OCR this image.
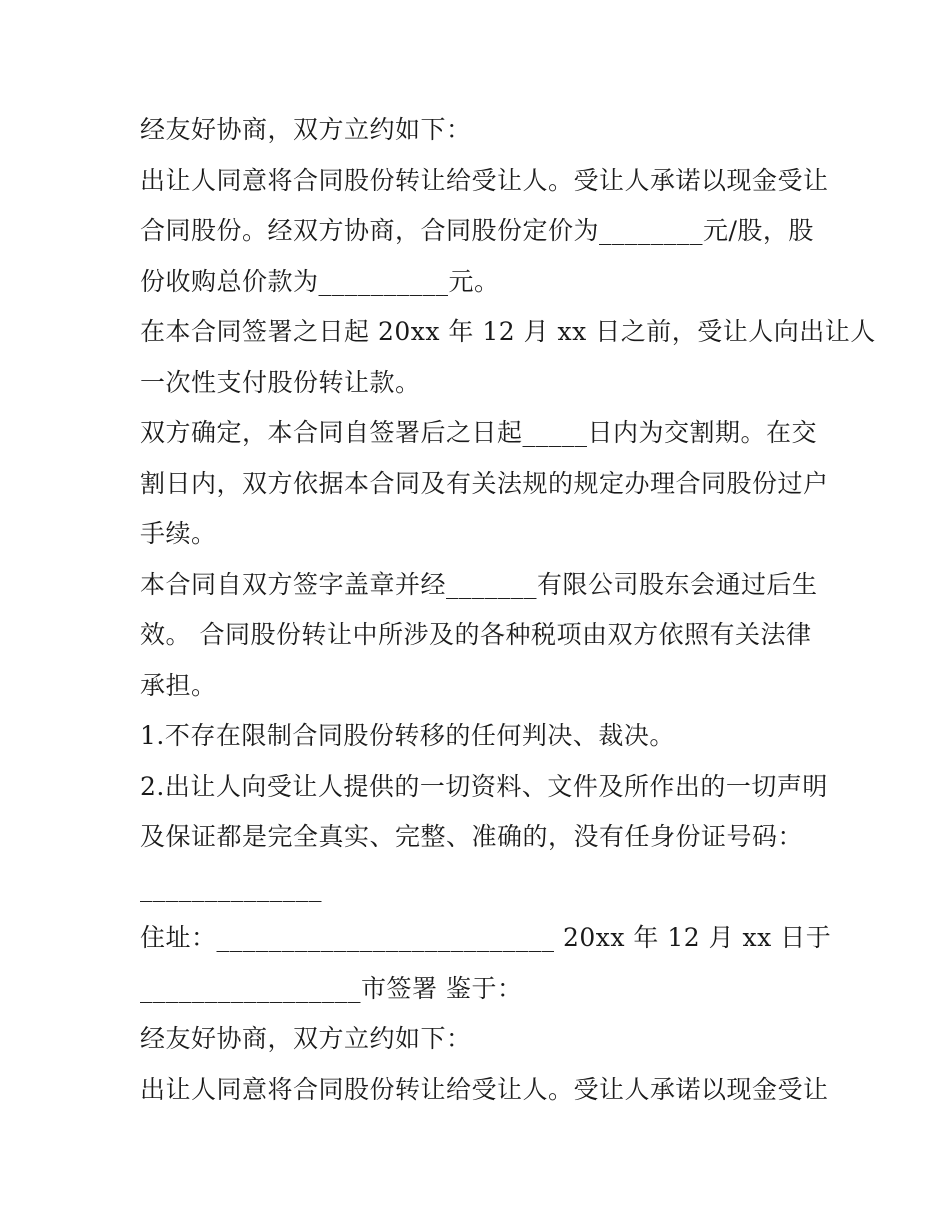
经友好协商，双方立约如下：
出让人同意将合同股份转让给受让人。受让人承诺以现金受让
合同股份。经双方协商，合同股份定价为________元/股，股
份收购总价款为__________元。
在本合同签署之日起 20xx 年 12 月 xx 日之前，受让人向出让人
一次性支付股份转让款。
双方确定，本合同自签署后之日起_____日内为交割期。在交
割日内，双方依据本合同及有关法规的规定办理合同股份过户
手续。
本合同自双方签字盖章并经_______有限公司股东会通过后生
效。 合同股份转让中所涉及的各种税项由双方依照有关法律
承担。
1.不存在限制合同股份转移的任何判决、裁决。
2.出让人向受让人提供的一切资料、文件及所作出的一切声明
及保证都是完全真实、完整、准确的，没有任身份证号码：
______________
住址：__________________________ 20xx 年 12 月 xx 日于
_________________市签署 鉴于：
经友好协商，双方立约如下：
出让人同意将合同股份转让给受让人。受让人承诺以现金受让
